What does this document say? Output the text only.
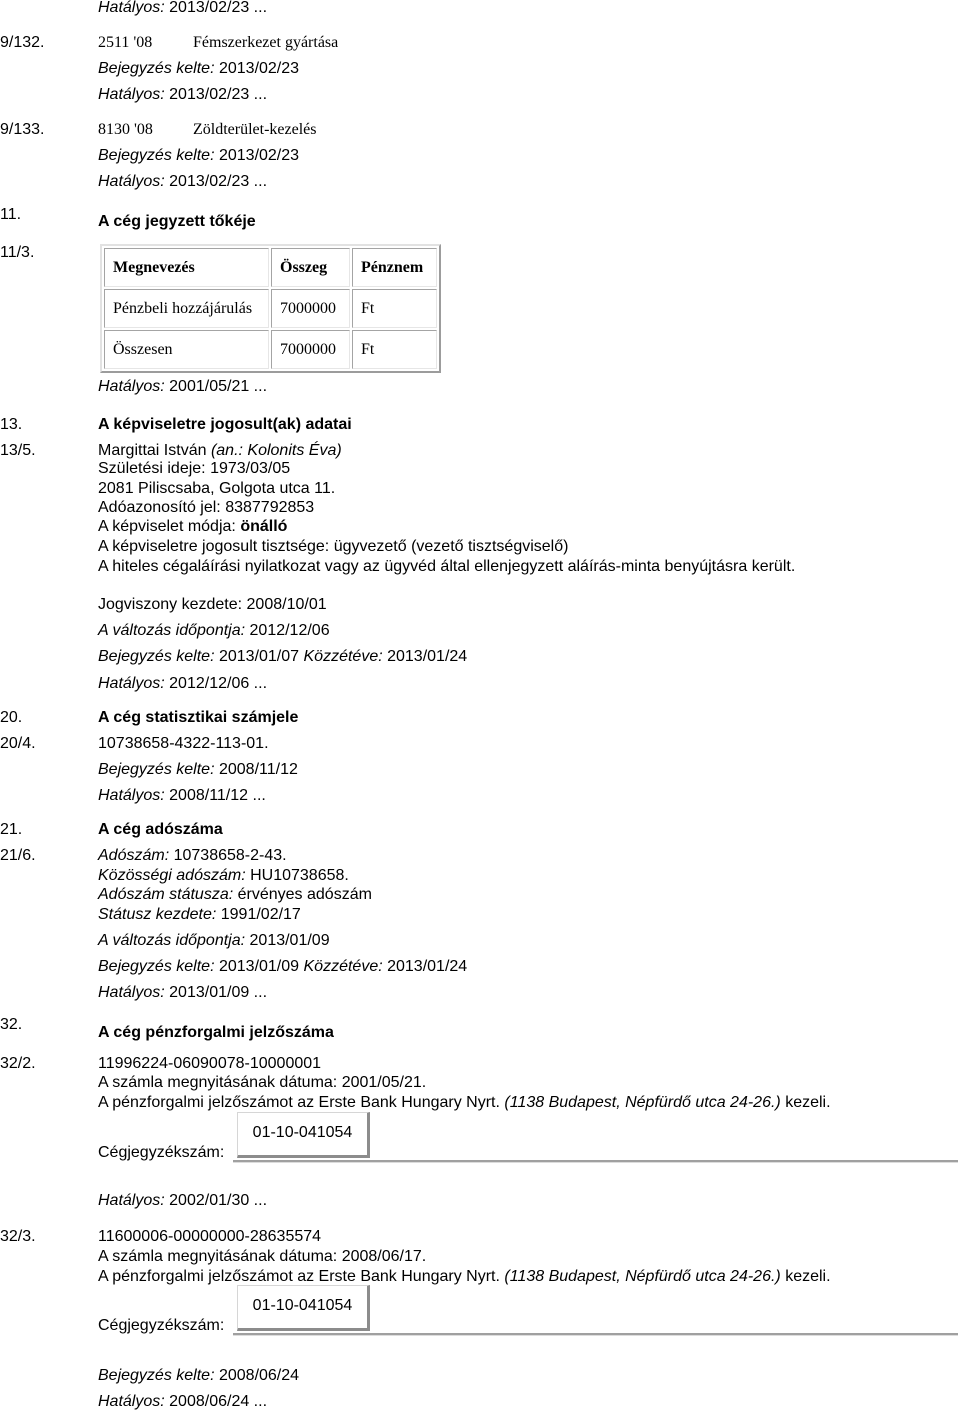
Hatályos: 2013/02/23 ...
9/132.	2511 '08	Fémszerkezet gyártása
Bejegyzés kelte: 2013/02/23
Hatályos: 2013/02/23 ...
9/133.	8130 '08	Zöldterület-kezelés
Bejegyzés kelte: 2013/02/23
Hatályos: 2013/02/23 ...
11.	A cég jegyzett tőkéje
11/3.
Megnevezés	Összeg	Pénznem
Pénzbeli hozzájárulás	7000000	Ft
Összesen	7000000	Ft
Hatályos: 2001/05/21 ...
13.	A képviseletre jogosult(ak) adatai
13/5.	Margittai István (an.: Kolonits Éva)
Születési ideje: 1973/03/05
2081 Piliscsaba, Golgota utca 11.
Adóazonosító jel: 8387792853
A képviselet módja: önálló
A képviseletre jogosult tisztsége: ügyvezető (vezető tisztségviselő)
A hiteles cégaláírási nyilatkozat vagy az ügyvéd által ellenjegyzett aláírás-minta benyújtásra került.
Jogviszony kezdete: 2008/10/01
A változás időpontja: 2012/12/06
Bejegyzés kelte: 2013/01/07 Közzétéve: 2013/01/24
Hatályos: 2012/12/06 ...
20.	A cég statisztikai számjele
20/4.	10738658-4322-113-01.
Bejegyzés kelte: 2008/11/12
Hatályos: 2008/11/12 ...
21.	A cég adószáma
21/6.	Adószám: 10738658-2-43.
Közösségi adószám: HU10738658.
Adószám státusza: érvényes adószám
Státusz kezdete: 1991/02/17
A változás időpontja: 2013/01/09
Bejegyzés kelte: 2013/01/09 Közzétéve: 2013/01/24
Hatályos: 2013/01/09 ...
32.	A cég pénzforgalmi jelzőszáma
32/2.	11996224-06090078-10000001
A számla megnyitásának dátuma: 2001/05/21.
A pénzforgalmi jelzőszámot az Erste Bank Hungary Nyrt. (1138 Budapest, Népfürdő utca 24-26.) kezeli.
01-10-041054
Cégjegyzékszám:
Hatályos: 2002/01/30 ...
32/3.	11600006-00000000-28635574
A számla megnyitásának dátuma: 2008/06/17.
A pénzforgalmi jelzőszámot az Erste Bank Hungary Nyrt. (1138 Budapest, Népfürdő utca 24-26.) kezeli.
01-10-041054
Cégjegyzékszám:
Bejegyzés kelte: 2008/06/24
Hatályos: 2008/06/24 ...
